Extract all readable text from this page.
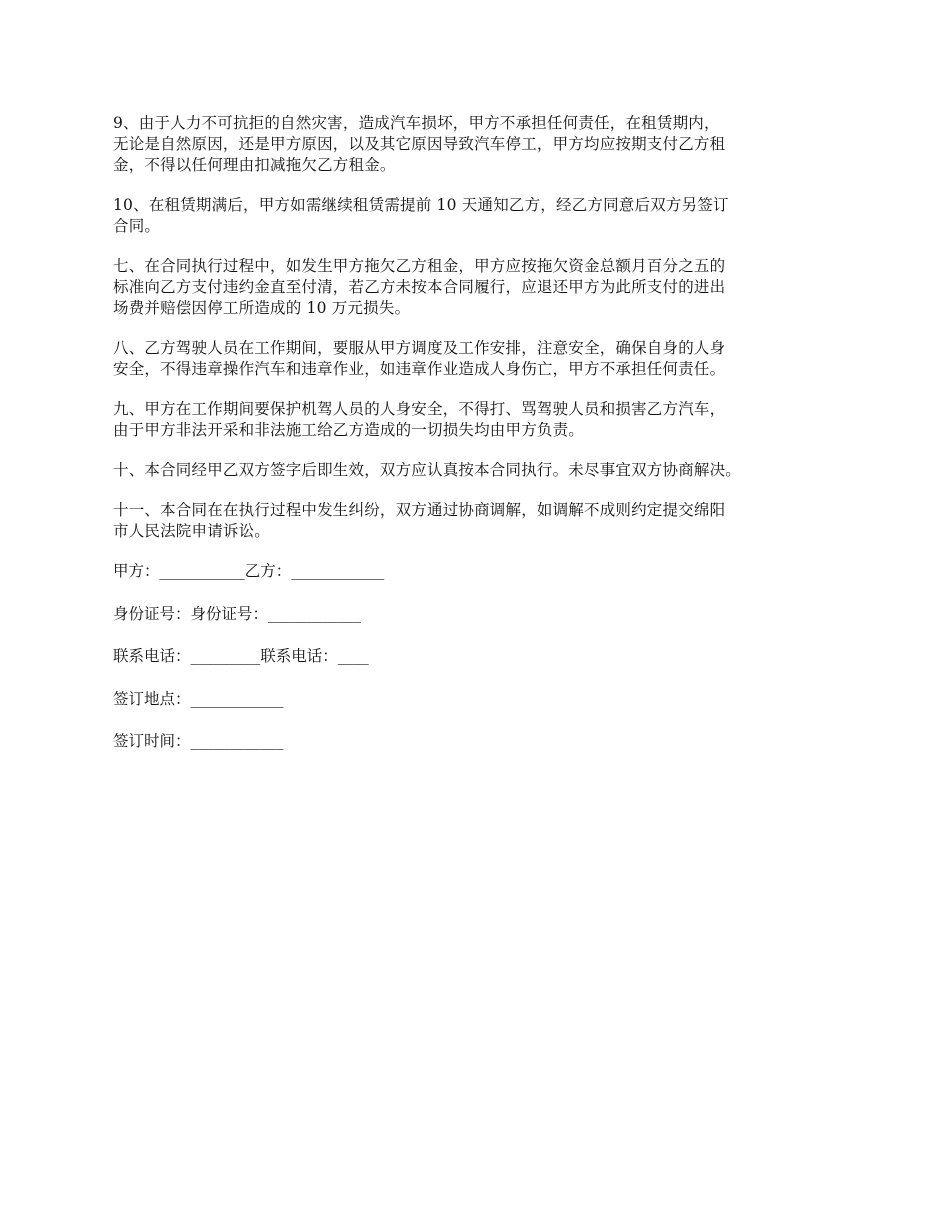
9、由于人力不可抗拒的自然灾害，造成汽车损坏，甲方不承担任何责任，在租赁期内，
无论是自然原因，还是甲方原因，以及其它原因导致汽车停工，甲方均应按期支付乙方租
金，不得以任何理由扣减拖欠乙方租金。

10、在租赁期满后，甲方如需继续租赁需提前 10 天通知乙方，经乙方同意后双方另签订
合同。

七、在合同执行过程中，如发生甲方拖欠乙方租金，甲方应按拖欠资金总额月百分之五的
标准向乙方支付违约金直至付清，若乙方未按本合同履行，应退还甲方为此所支付的进出
场费并赔偿因停工所造成的 10 万元损失。

八、乙方驾驶人员在工作期间，要服从甲方调度及工作安排，注意安全，确保自身的人身
安全，不得违章操作汽车和违章作业，如违章作业造成人身伤亡，甲方不承担任何责任。

九、甲方在工作期间要保护机驾人员的人身安全，不得打、骂驾驶人员和损害乙方汽车，
由于甲方非法开采和非法施工给乙方造成的一切损失均由甲方负责。

十、本合同经甲乙双方签字后即生效，双方应认真按本合同执行。未尽事宜双方协商解决。

十一、本合同在在执行过程中发生纠纷，双方通过协商调解，如调解不成则约定提交绵阳
市人民法院申请诉讼。

甲方：___________乙方：____________
身份证号：身份证号：____________
联系电话：_________联系电话：____
签订地点：____________
签订时间：____________
